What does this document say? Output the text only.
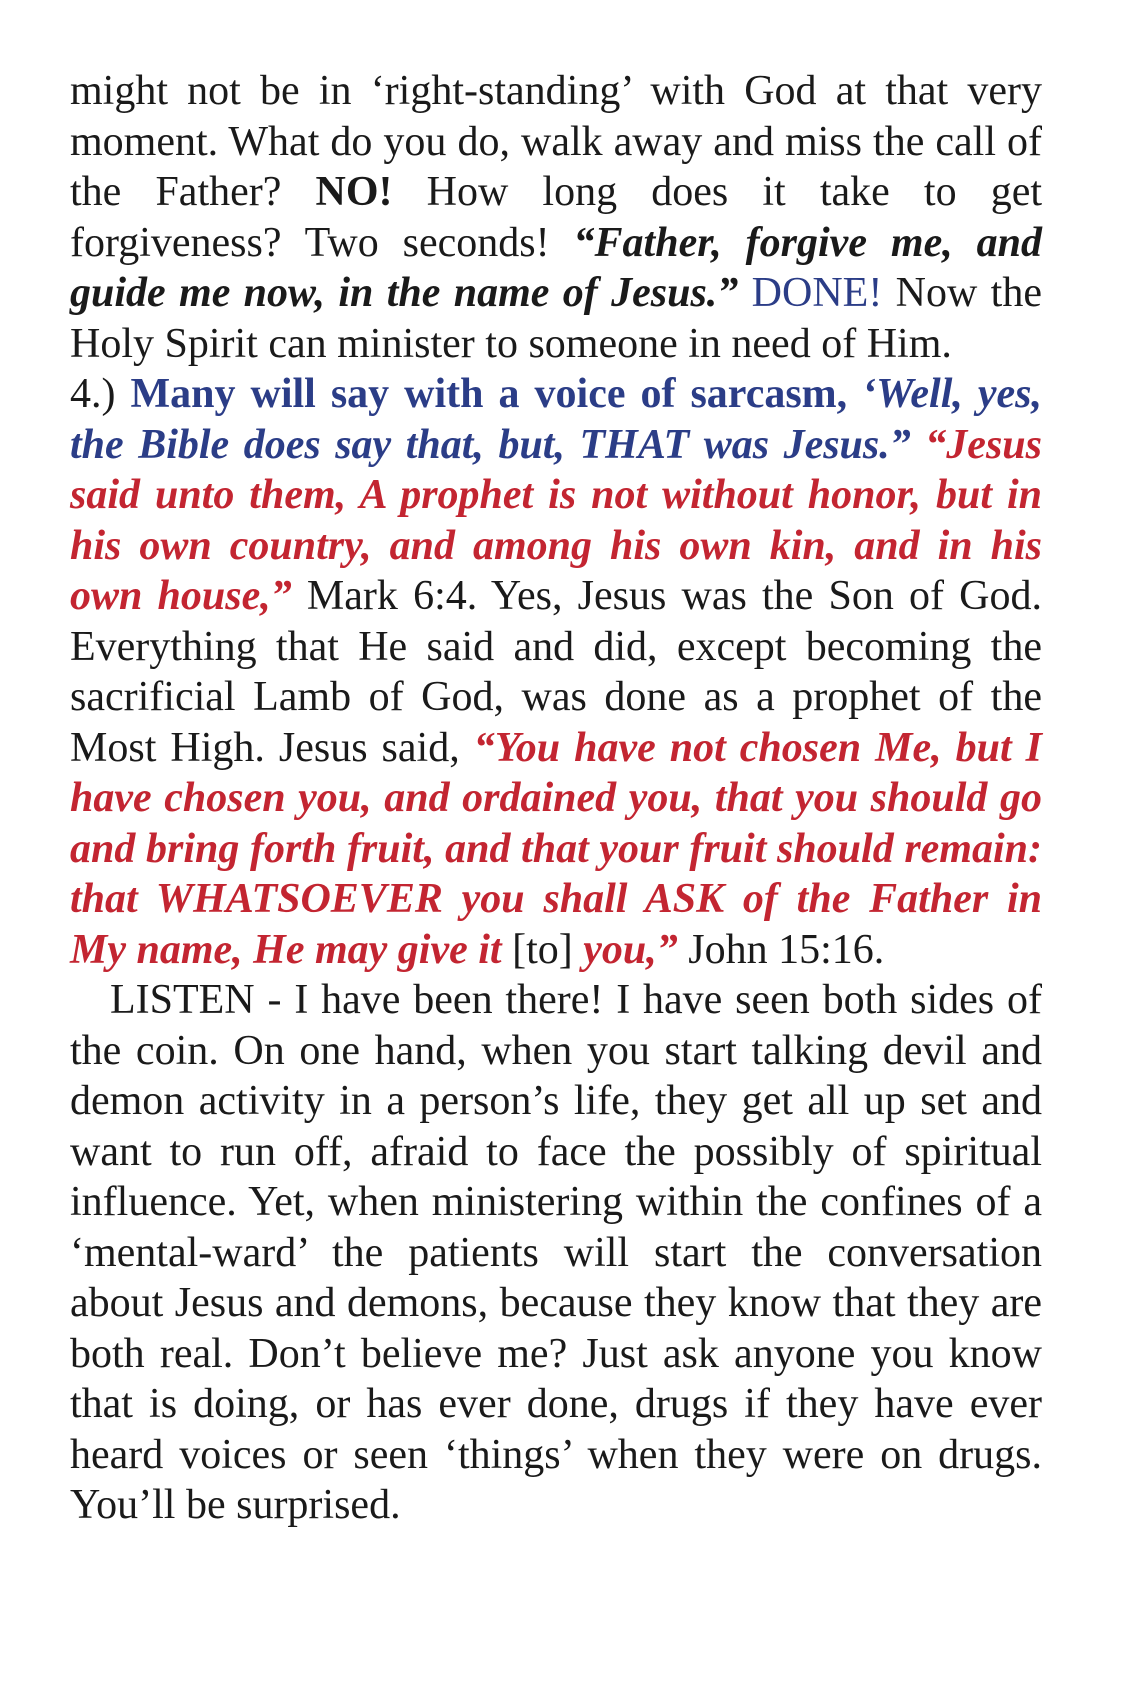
might not be in ‘right-standing’ with God at that very moment. What do you do, walk away and miss the call of the Father? NO! How long does it take to get forgiveness? Two seconds! “Father, forgive me, and guide me now, in the name of Jesus.” DONE! Now the Holy Spirit can minister to someone in need of Him.

4.) Many will say with a voice of sarcasm, ‘Well, yes, the Bible does say that, but, THAT was Jesus.” “Jesus said unto them, A prophet is not without honor, but in his own country, and among his own kin, and in his own house,” Mark 6:4. Yes, Jesus was the Son of God. Everything that He said and did, except becoming the sacrificial Lamb of God, was done as a prophet of the Most High. Jesus said, “You have not chosen Me, but I have chosen you, and ordained you, that you should go and bring forth fruit, and that your fruit should remain: that WHATSOEVER you shall ASK of the Father in My name, He may give it [to] you,” John 15:16.

LISTEN - I have been there! I have seen both sides of the coin. On one hand, when you start talking devil and demon activity in a person’s life, they get all up set and want to run off, afraid to face the possibly of spiritual influence. Yet, when ministering within the confines of a ‘mental-ward’ the patients will start the conversation about Jesus and demons, because they know that they are both real. Don’t believe me? Just ask anyone you know that is doing, or has ever done, drugs if they have ever heard voices or seen ‘things’ when they were on drugs. You’ll be surprised.
